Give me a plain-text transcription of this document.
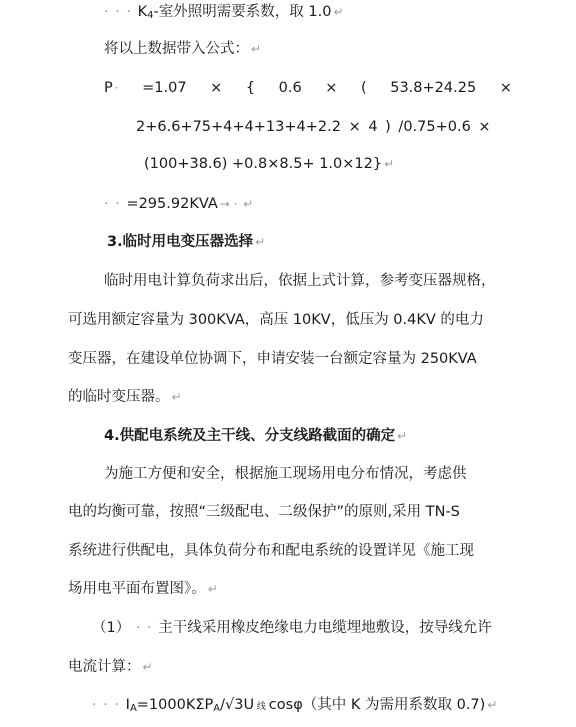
· · · $K_4-$室外照明需要系数，取 1.0 ↵
将以上数据带入公式： ↵
P · =1.07 × { 0.6 × ( 53.8+24.25 ×
2+6.6+75+4+4+13+4+2.2 × 4 ) /0.75+0.6 ×
(100+38.6) +0.8×8.5+ 1.0×12} ↵
· · =295.92KVA → · ↵
3.临时用电变压器选择 ↵
临时用电计算负荷求出后，依据上式计算，参考变压器规格，
可选用额定容量为 300KVA，高压 10KV，低压为 0.4KV 的电力
变压器，在建设单位协调下，申请安装一台额定容量为 250KVA
的临时变压器。 ↵
4.供配电系统及主干线、分支线路截面的确定 ↵
为施工方便和安全，根据施工现场用电分布情况，考虑供
电的均衡可靠，按照“三级配电、二级保护”的原则,采用 TN-S
系统进行供配电，具体负荷分布和配电系统的设置详见《施工现
场用电平面布置图》。 ↵
（1） · · 主干线采用橡皮绝缘电力电缆埋地敷设，按导线允许
电流计算： ↵
· · · $I_A=1000K\Sigma P_A/√3U$ 线 cosφ（其中 K 为需用系数取 0.7) ↵
